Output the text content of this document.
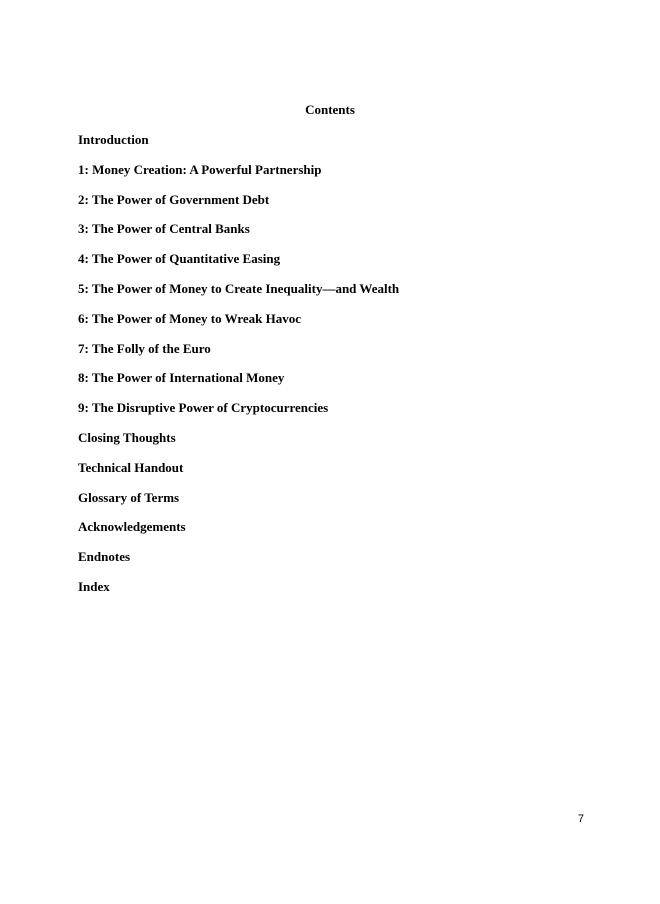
Contents
Introduction
1: Money Creation: A Powerful Partnership
2: The Power of Government Debt
3: The Power of Central Banks
4: The Power of Quantitative Easing
5: The Power of Money to Create Inequality—and Wealth
6: The Power of Money to Wreak Havoc
7: The Folly of the Euro
8: The Power of International Money
9: The Disruptive Power of Cryptocurrencies
Closing Thoughts
Technical Handout
Glossary of Terms
Acknowledgements
Endnotes
Index
7
